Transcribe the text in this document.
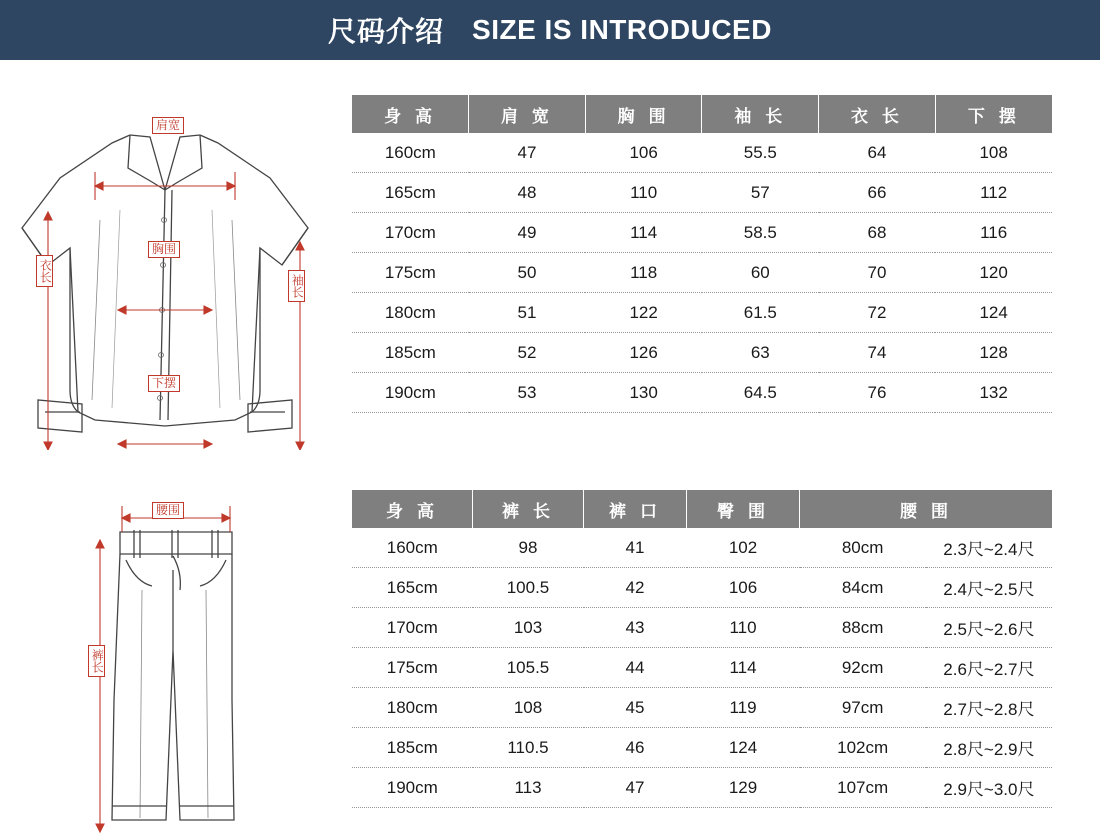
尺码介绍 SIZE IS INTRODUCED
肩宽
胸围
下摆
衣长
袖长
身 高	肩 宽	胸 围	袖 长	衣 长	下 摆
160cm	47	106	55.5	64	108
165cm	48	110	57	66	112
170cm	49	114	58.5	68	116
175cm	50	118	60	70	120
180cm	51	122	61.5	72	124
185cm	52	126	63	74	128
190cm	53	130	64.5	76	132
腰围
裤长
身 高	裤 长	裤 口	臀 围	腰 围	
160cm	98	41	102	80cm	2.3尺~2.4尺
165cm	100.5	42	106	84cm	2.4尺~2.5尺
170cm	103	43	110	88cm	2.5尺~2.6尺
175cm	105.5	44	114	92cm	2.6尺~2.7尺
180cm	108	45	119	97cm	2.7尺~2.8尺
185cm	110.5	46	124	102cm	2.8尺~2.9尺
190cm	113	47	129	107cm	2.9尺~3.0尺
